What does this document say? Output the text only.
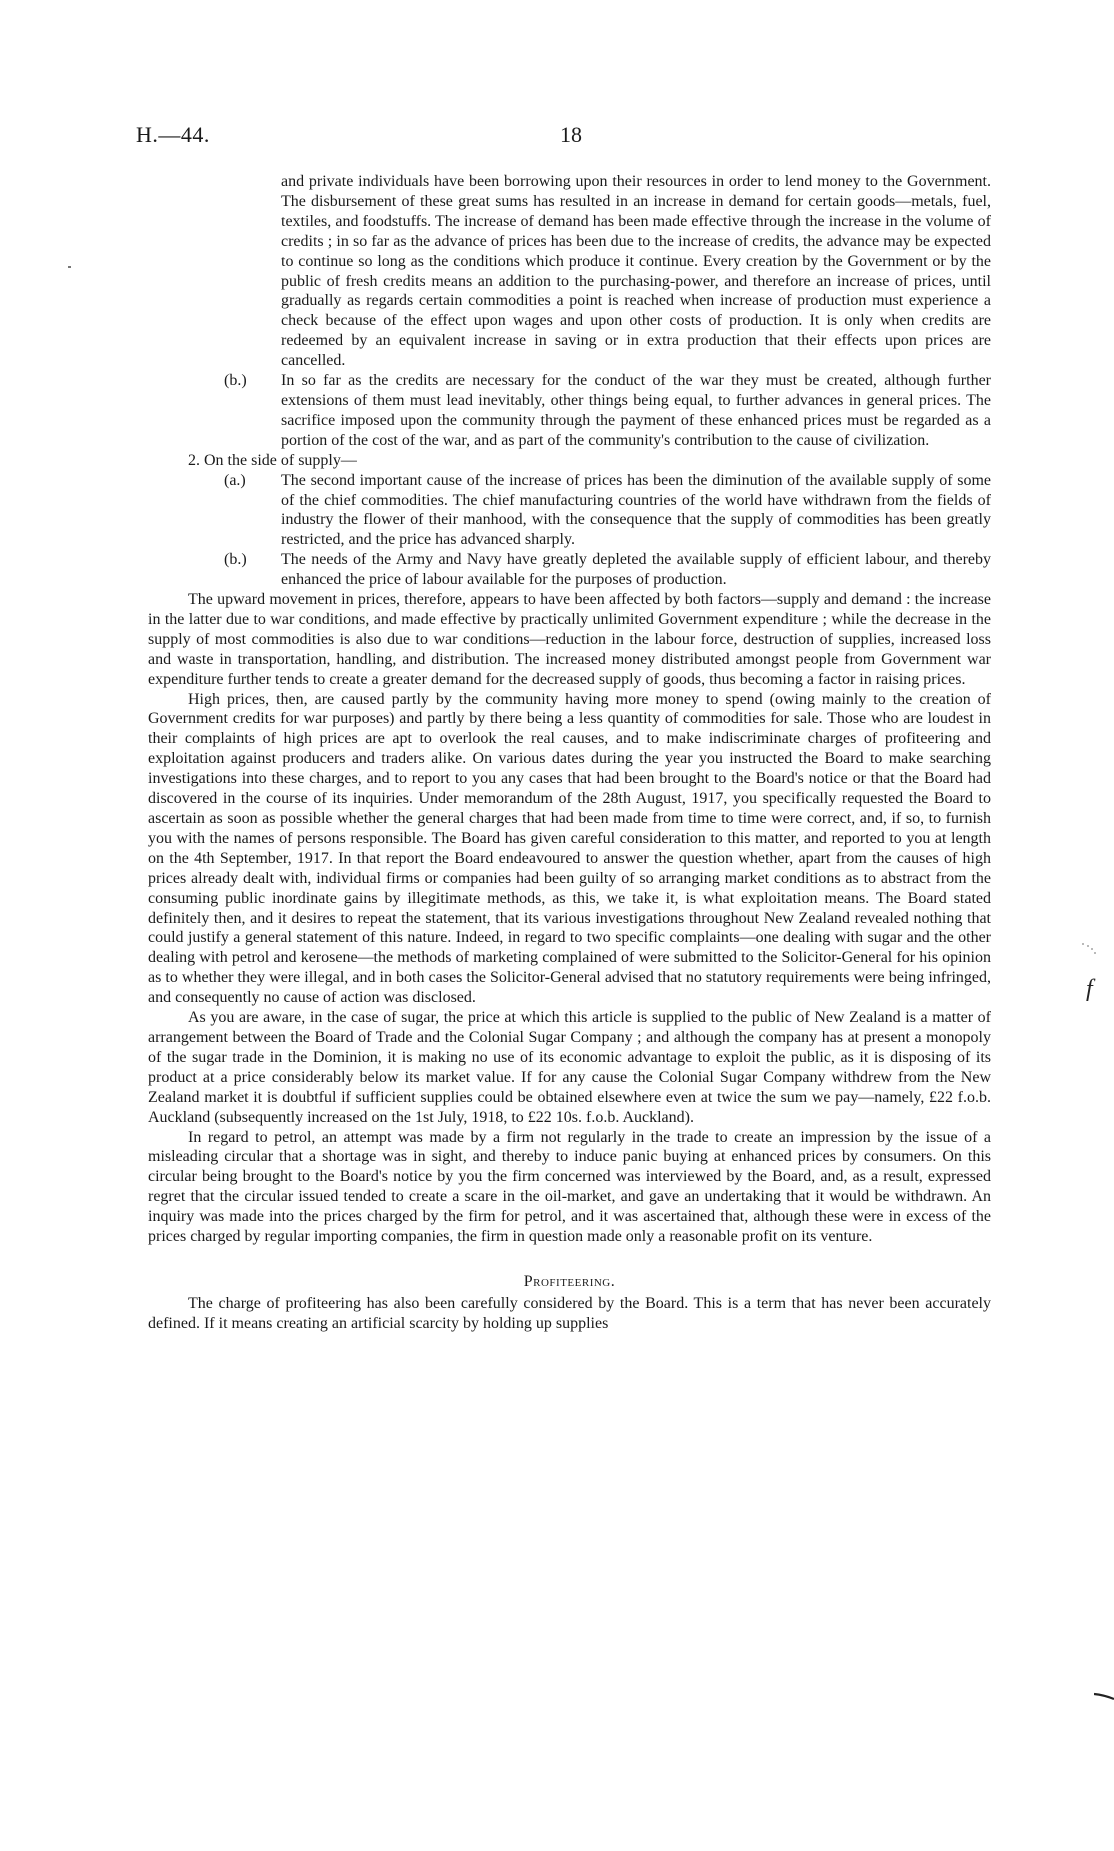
H.—44.	18

and private individuals have been borrowing upon their resources in order to lend money to the Government. The disbursement of these great sums has resulted in an increase in demand for certain goods—metals, fuel, textiles, and foodstuffs. The increase of demand has been made effective through the increase in the volume of credits ; in so far as the advance of prices has been due to the increase of credits, the advance may be expected to continue so long as the conditions which produce it continue. Every creation by the Government or by the public of fresh credits means an addition to the purchasing-power, and therefore an increase of prices, until gradually as regards certain commodities a point is reached when increase of production must experience a check because of the effect upon wages and upon other costs of production. It is only when credits are redeemed by an equivalent increase in saving or in extra production that their effects upon prices are cancelled.

(b.) In so far as the credits are necessary for the conduct of the war they must be created, although further extensions of them must lead inevitably, other things being equal, to further advances in general prices. The sacrifice imposed upon the community through the payment of these enhanced prices must be regarded as a portion of the cost of the war, and as part of the community's contribution to the cause of civilization.

2. On the side of supply—

(a.) The second important cause of the increase of prices has been the diminution of the available supply of some of the chief commodities. The chief manufacturing countries of the world have withdrawn from the fields of industry the flower of their manhood, with the consequence that the supply of commodities has been greatly restricted, and the price has advanced sharply.

(b.) The needs of the Army and Navy have greatly depleted the available supply of efficient labour, and thereby enhanced the price of labour available for the purposes of production.

The upward movement in prices, therefore, appears to have been affected by both factors—supply and demand : the increase in the latter due to war conditions, and made effective by practically unlimited Government expenditure ; while the decrease in the supply of most commodities is also due to war conditions—reduction in the labour force, destruction of supplies, increased loss and waste in transportation, handling, and distribution. The increased money distributed amongst people from Government war expenditure further tends to create a greater demand for the decreased supply of goods, thus becoming a factor in raising prices.

High prices, then, are caused partly by the community having more money to spend (owing mainly to the creation of Government credits for war purposes) and partly by there being a less quantity of commodities for sale. Those who are loudest in their complaints of high prices are apt to overlook the real causes, and to make indiscriminate charges of profiteering and exploitation against producers and traders alike. On various dates during the year you instructed the Board to make searching investigations into these charges, and to report to you any cases that had been brought to the Board's notice or that the Board had discovered in the course of its inquiries. Under memorandum of the 28th August, 1917, you specifically requested the Board to ascertain as soon as possible whether the general charges that had been made from time to time were correct, and, if so, to furnish you with the names of persons responsible. The Board has given careful consideration to this matter, and reported to you at length on the 4th September, 1917. In that report the Board endeavoured to answer the question whether, apart from the causes of high prices already dealt with, individual firms or companies had been guilty of so arranging market conditions as to abstract from the consuming public inordinate gains by illegitimate methods, as this, we take it, is what exploitation means. The Board stated definitely then, and it desires to repeat the statement, that its various investigations throughout New Zealand revealed nothing that could justify a general statement of this nature. Indeed, in regard to two specific complaints—one dealing with sugar and the other dealing with petrol and kerosene—the methods of marketing complained of were submitted to the Solicitor-General for his opinion as to whether they were illegal, and in both cases the Solicitor-General advised that no statutory requirements were being infringed, and consequently no cause of action was disclosed.

As you are aware, in the case of sugar, the price at which this article is supplied to the public of New Zealand is a matter of arrangement between the Board of Trade and the Colonial Sugar Company ; and although the company has at present a monopoly of the sugar trade in the Dominion, it is making no use of its economic advantage to exploit the public, as it is disposing of its product at a price considerably below its market value. If for any cause the Colonial Sugar Company withdrew from the New Zealand market it is doubtful if sufficient supplies could be obtained elsewhere even at twice the sum we pay—namely, £22 f.o.b. Auckland (subsequently increased on the 1st July, 1918, to £22 10s. f.o.b. Auckland).

In regard to petrol, an attempt was made by a firm not regularly in the trade to create an impression by the issue of a misleading circular that a shortage was in sight, and thereby to induce panic buying at enhanced prices by consumers. On this circular being brought to the Board's notice by you the firm concerned was interviewed by the Board, and, as a result, expressed regret that the circular issued tended to create a scare in the oil-market, and gave an undertaking that it would be withdrawn. An inquiry was made into the prices charged by the firm for petrol, and it was ascertained that, although these were in excess of the prices charged by regular importing companies, the firm in question made only a reasonable profit on its venture.

Profiteering.

The charge of profiteering has also been carefully considered by the Board. This is a term that has never been accurately defined. If it means creating an artificial scarcity by holding up supplies

f
